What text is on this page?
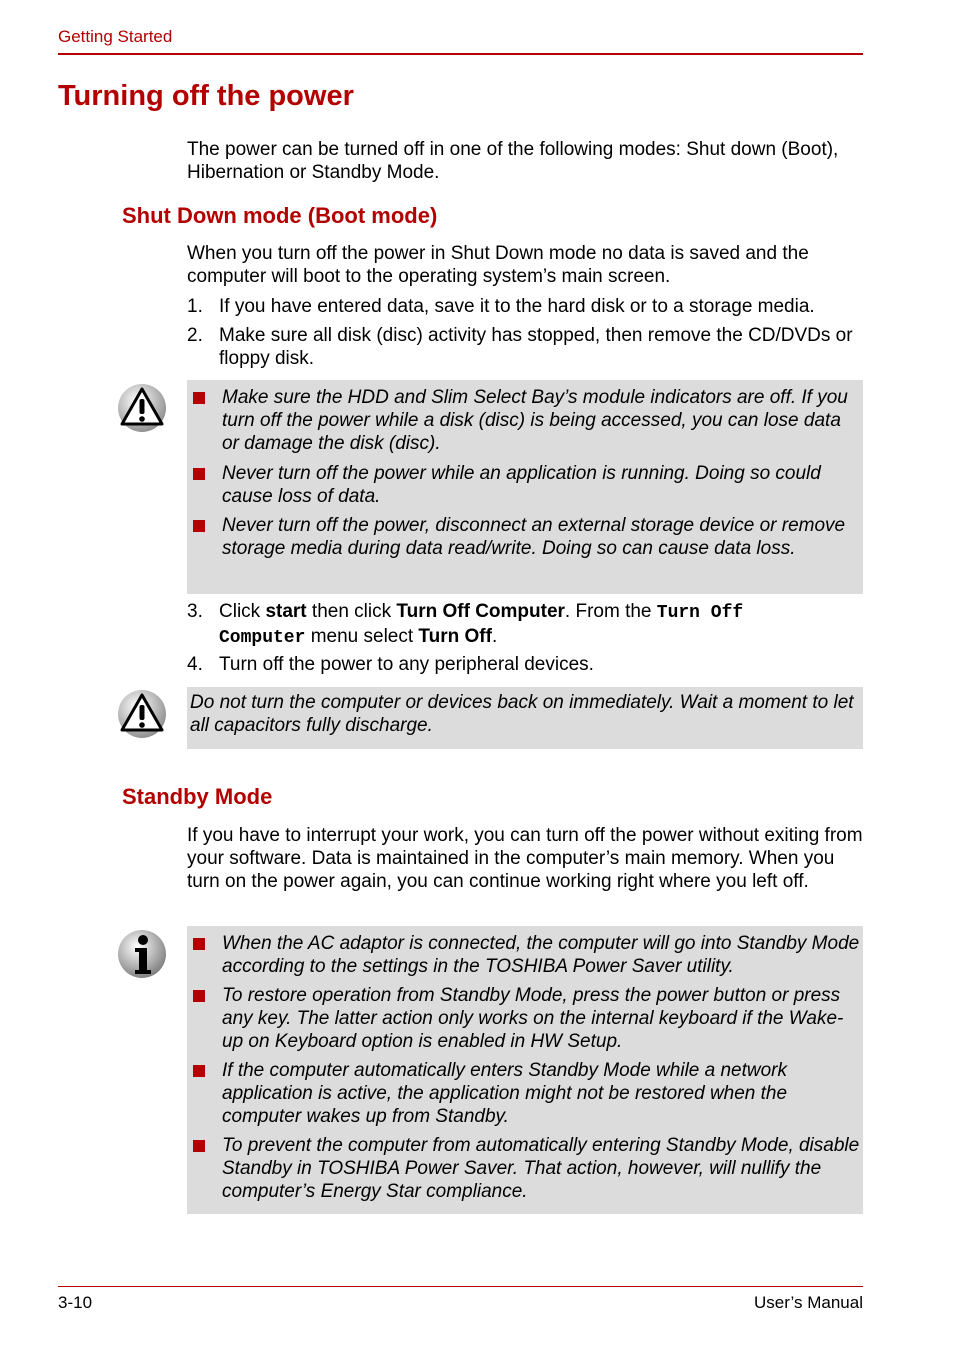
Getting Started
Turning off the power

The power can be turned off in one of the following modes: Shut down (Boot), Hibernation or Standby Mode.

Shut Down mode (Boot mode)

When you turn off the power in Shut Down mode no data is saved and the computer will boot to the operating system’s main screen.

1. If you have entered data, save it to the hard disk or to a storage media.
2. Make sure all disk (disc) activity has stopped, then remove the CD/DVDs or floppy disk.
Make sure the HDD and Slim Select Bay’s module indicators are off. If you turn off the power while a disk (disc) is being accessed, you can lose data or damage the disk (disc).
Never turn off the power while an application is running. Doing so could cause loss of data.
Never turn off the power, disconnect an external storage device or remove storage media during data read/write. Doing so can cause data loss.
3. Click start then click Turn Off Computer. From the Turn Off
Computer menu select Turn Off.
4. Turn off the power to any peripheral devices.
Do not turn the computer or devices back on immediately. Wait a moment to let all capacitors fully discharge.
Standby Mode

If you have to interrupt your work, you can turn off the power without exiting from your software. Data is maintained in the computer’s main memory. When you turn on the power again, you can continue working right where you left off.

When the AC adaptor is connected, the computer will go into Standby Mode according to the settings in the TOSHIBA Power Saver utility.
To restore operation from Standby Mode, press the power button or press any key. The latter action only works on the internal keyboard if the Wake-up on Keyboard option is enabled in HW Setup.
If the computer automatically enters Standby Mode while a network application is active, the application might not be restored when the computer wakes up from Standby.
To prevent the computer from automatically entering Standby Mode, disable Standby in TOSHIBA Power Saver. That action, however, will nullify the computer’s Energy Star compliance.
3-10	User’s Manual
